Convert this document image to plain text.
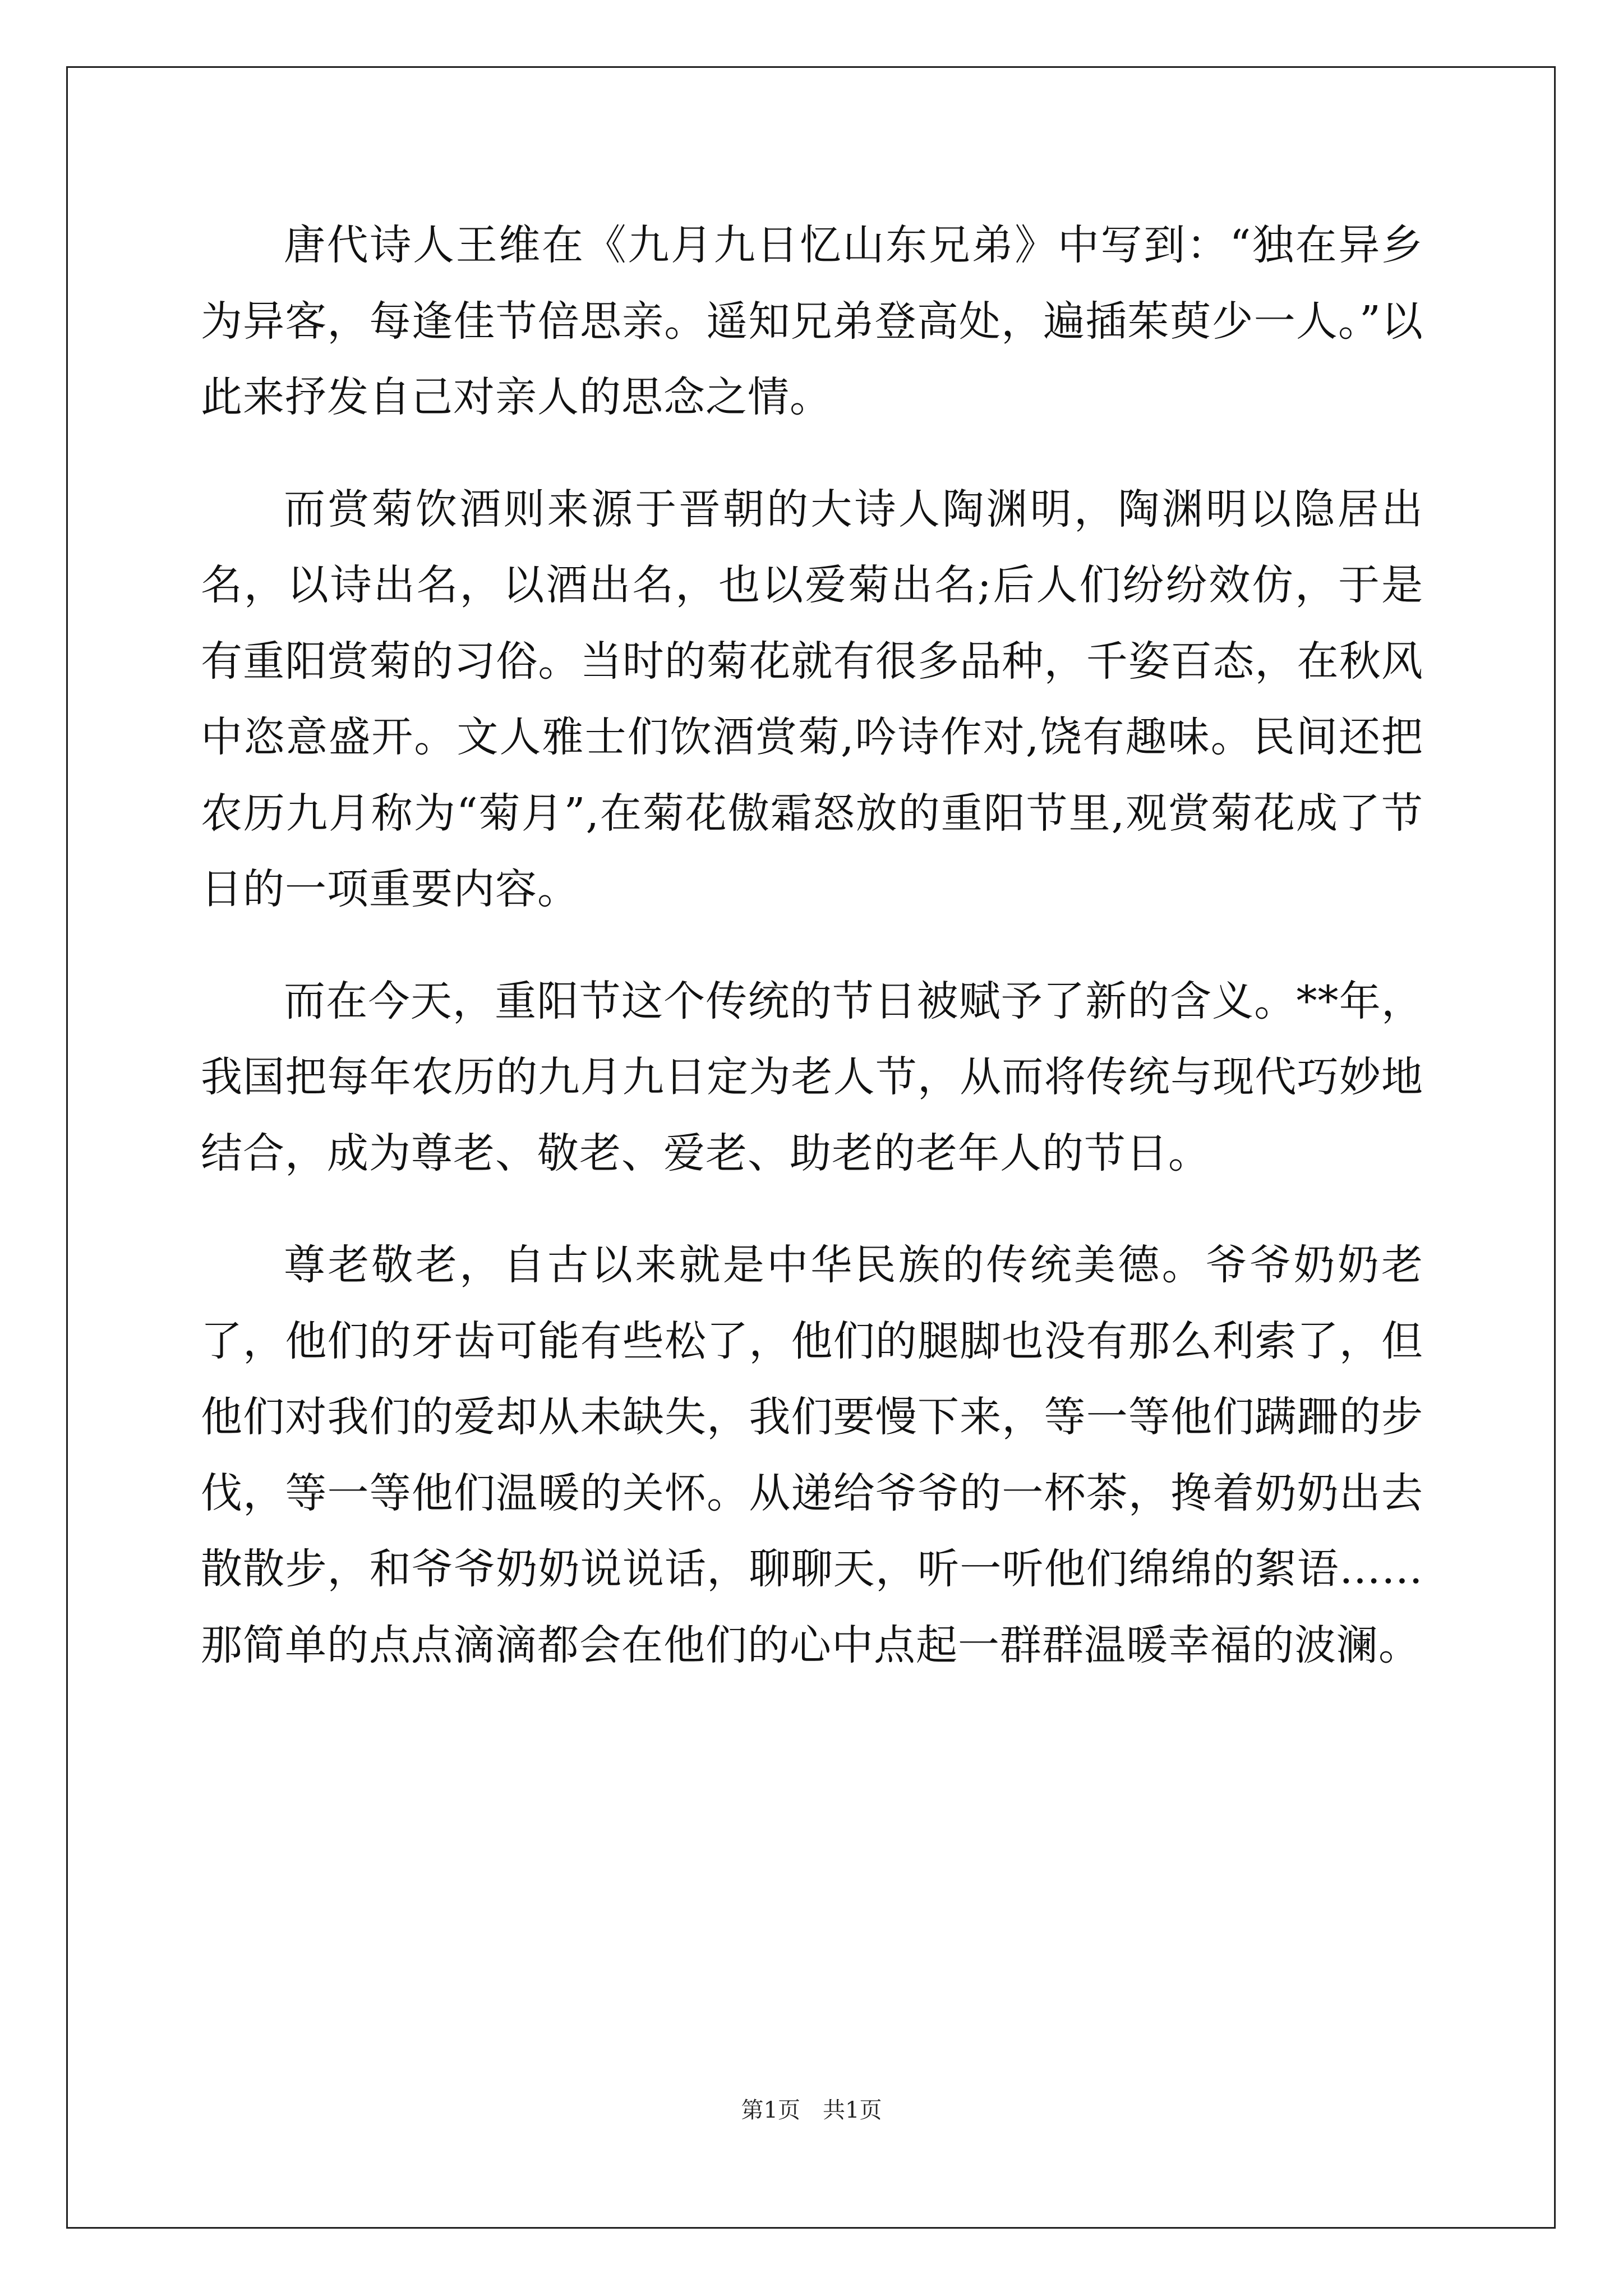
唐代诗人王维在《九月九日忆山东兄弟》中写到：“独在异乡为异客，每逢佳节倍思亲。遥知兄弟登高处，遍插茱萸少一人。”以此来抒发自己对亲人的思念之情。

而赏菊饮酒则来源于晋朝的大诗人陶渊明，陶渊明以隐居出名，以诗出名，以酒出名，也以爱菊出名;后人们纷纷效仿，于是有重阳赏菊的习俗。当时的菊花就有很多品种，千姿百态，在秋风中恣意盛开。文人雅士们饮酒赏菊,吟诗作对,饶有趣味。民间还把农历九月称为“菊月”,在菊花傲霜怒放的重阳节里,观赏菊花成了节日的一项重要内容。

而在今天，重阳节这个传统的节日被赋予了新的含义。**年，我国把每年农历的九月九日定为老人节，从而将传统与现代巧妙地结合，成为尊老、敬老、爱老、助老的老年人的节日。

尊老敬老，自古以来就是中华民族的传统美德。爷爷奶奶老了，他们的牙齿可能有些松了，他们的腿脚也没有那么利索了，但他们对我们的爱却从未缺失，我们要慢下来，等一等他们蹒跚的步伐，等一等他们温暖的关怀。从递给爷爷的一杯茶，搀着奶奶出去散散步，和爷爷奶奶说说话，聊聊天，听一听他们绵绵的絮语……那简单的点点滴滴都会在他们的心中点起一群群温暖幸福的波澜。

第1页　共1页
